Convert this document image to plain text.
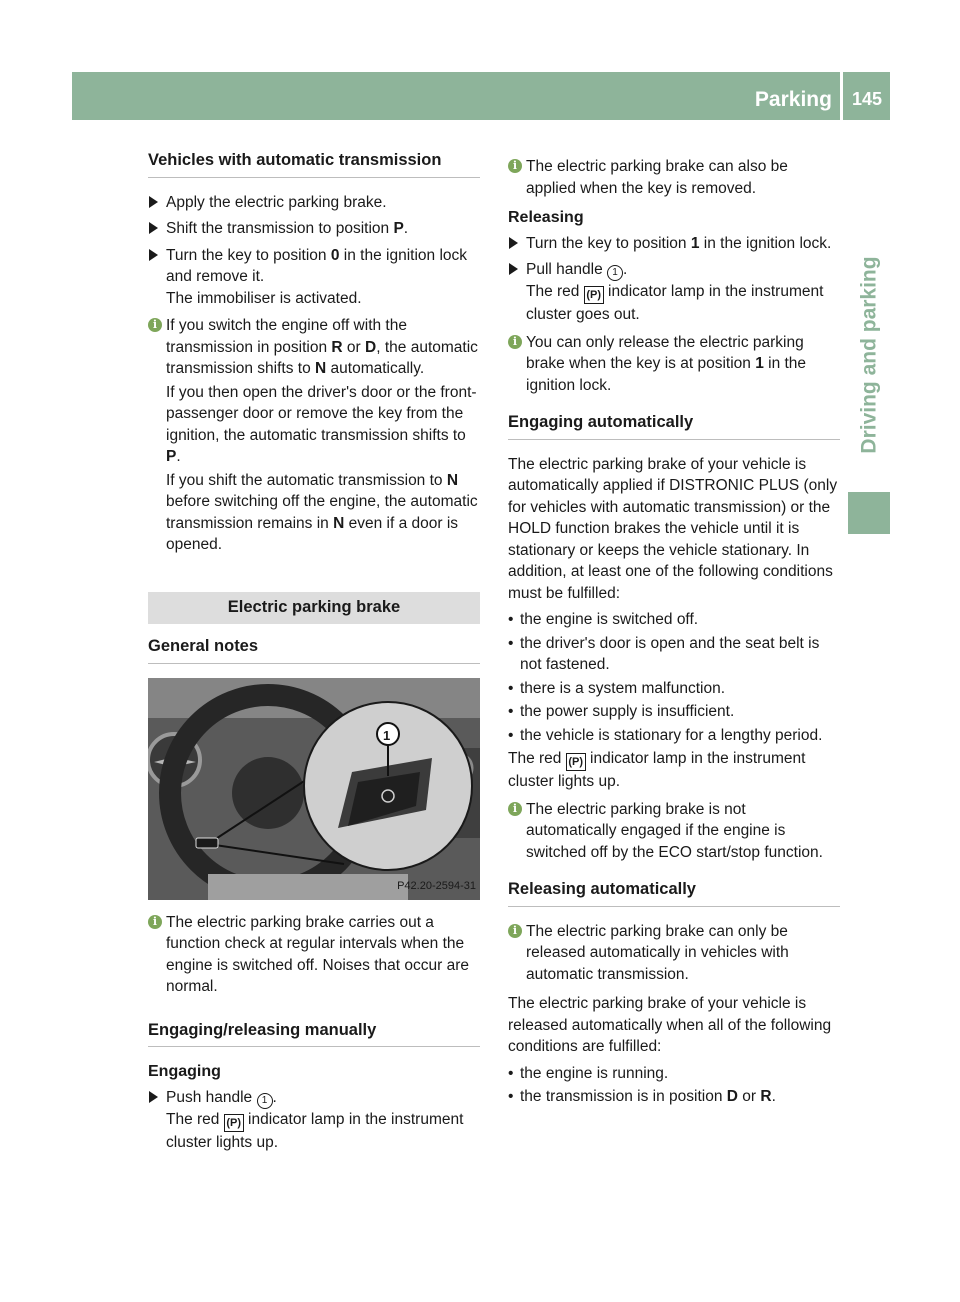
Parking	145
Driving and parking
Vehicles with automatic transmission
Apply the electric parking brake.
Shift the transmission to position P.
Turn the key to position 0 in the ignition lock and remove it.
The immobiliser is activated.
i If you switch the engine off with the transmission in position R or D, the automatic transmission shifts to N automatically.

If you then open the driver's door or the front-passenger door or remove the key from the ignition, the automatic transmission shifts to P.

If you shift the automatic transmission to N before switching off the engine, the automatic transmission remains in N even if a door is opened.

Electric parking brake
General notes
P42.20-2594-31
1
i The electric parking brake carries out a function check at regular intervals when the engine is switched off. Noises that occur are normal.

Engaging/releasing manually
Engaging
Push handle 1 .
The red (P) indicator lamp in the instrument cluster lights up.
i The electric parking brake can also be applied when the key is removed.

Releasing
Turn the key to position 1 in the ignition lock.
Pull handle 1 .
The red (P) indicator lamp in the instrument cluster goes out.
i You can only release the electric parking brake when the key is at position 1 in the ignition lock.

Engaging automatically

The electric parking brake of your vehicle is automatically applied if DISTRONIC PLUS (only for vehicles with automatic transmission) or the HOLD function brakes the vehicle until it is stationary or keeps the vehicle stationary. In addition, at least one of the following conditions must be fulfilled:

• the engine is switched off.
• the driver's door is open and the seat belt is not fastened.
• there is a system malfunction.
• the power supply is insufficient.
• the vehicle is stationary for a lengthy period.

The red (P) indicator lamp in the instrument cluster lights up.

i The electric parking brake is not automatically engaged if the engine is switched off by the ECO start/stop function.

Releasing automatically
i The electric parking brake can only be released automatically in vehicles with automatic transmission.

The electric parking brake of your vehicle is released automatically when all of the following conditions are fulfilled:

• the engine is running.
• the transmission is in position D or R.
